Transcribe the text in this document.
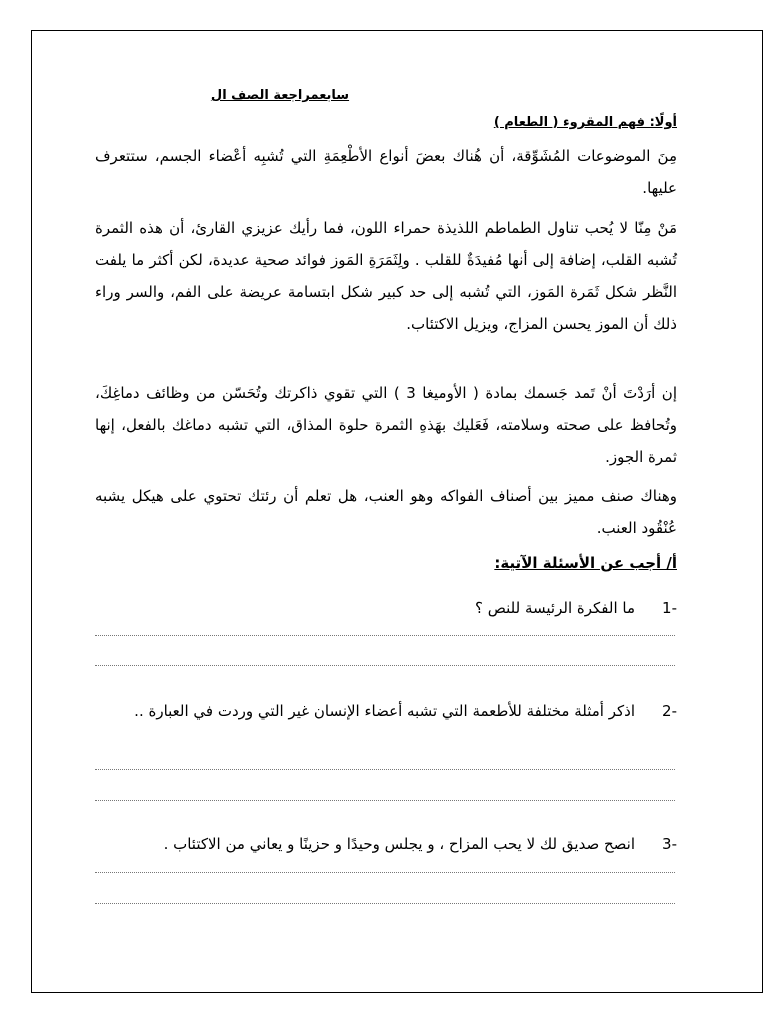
سابعمراجعة الصف ال
أولًا: فهم المقروء ( الطعام )
مِنَ الموضوعات المُشَوِّقة، أن هُناك بعضَ أنواع الأطْعِمَةِ التي تُشبِه أعْضاء الجسم، ستتعرف عليها.
مَنْ مِنّا لا يُحب تناول الطماطم اللذيذة حمراء اللون، فما رأيك عزيزي القارئ، أن هذه الثمرة تُشبه القلب، إضافة إلى أنها مُفيدَةٌ للقلب . ولِثَمَرَةِ المَوز فوائد صحية عديدة، لكن أكثر ما يلفت النَّظر شكل ثَمَرة المَوز، التي تُشبه إلى حد كبير شكل ابتسامة عريضة على الفم، والسر وراء ذلك أن الموز يحسن المزاج، ويزيل الاكتئاب.
إن أرَدْتَ أنْ تَمد جَسمك بمادة ( الأوميغا 3 ) التي تقوي ذاكرتك وتُحَسّن من وظائف دماغِكَ، وتُحافظ على صحته وسلامته، فَعَليك بهَذهِ الثمرة حلوة المذاق، التي تشبه دماغك بالفعل، إنها ثمرة الجوز.
وهناك صنف مميز بين أصناف الفواكه وهو العنب، هل تعلم أن رئتك تحتوي على هيكل يشبه عُنْقُود العنب.
أ/ أجب عن الأسئلة الآتية:
-1
ما الفكرة الرئيسة للنص ؟
-2
اذكر أمثلة مختلفة للأطعمة التي تشبه أعضاء الإنسان غير التي وردت في العبارة ..
-3
انصح صديق لك لا يحب المزاح ، و يجلس وحيدًا و حزينًا و يعاني من الاكتئاب .
